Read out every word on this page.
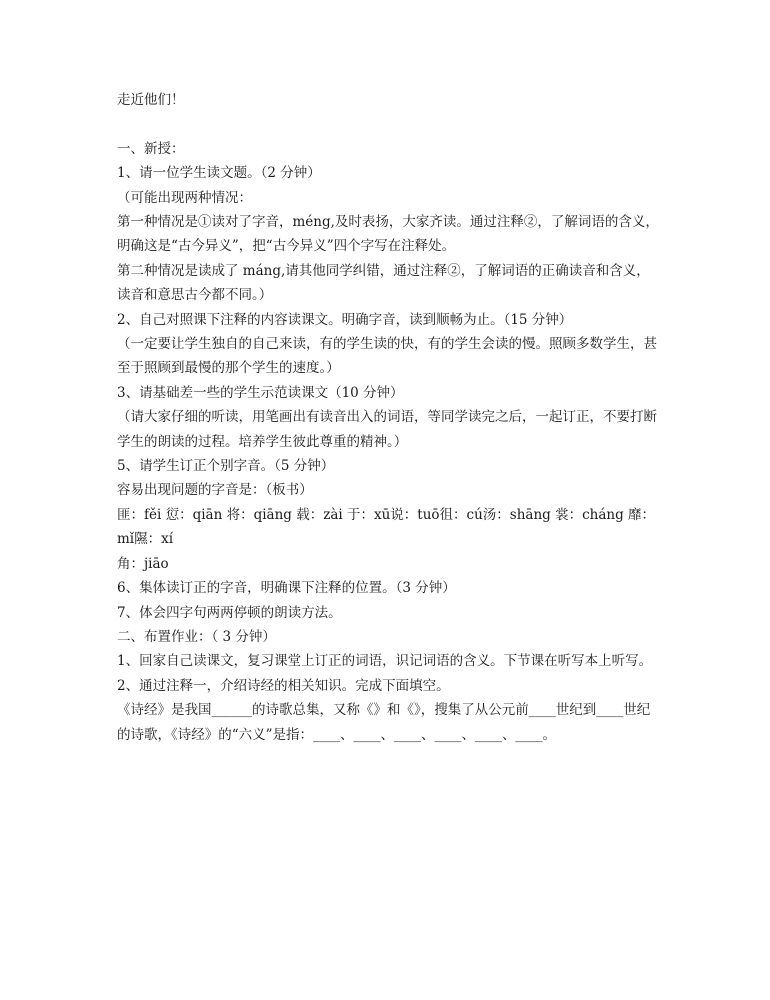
走近他们！

一、新授：

1、请一位学生读文题。（2 分钟）

（可能出现两种情况：

第一种情况是①读对了字音，méng,及时表扬，大家齐读。通过注释②，了解词语的含义，明确这是“古今异义”，把“古今异义”四个字写在注释处。

第二种情况是读成了 máng,请其他同学纠错，通过注释②，了解词语的正确读音和含义，读音和意思古今都不同。）

2、自己对照课下注释的内容读课文。明确字音，读到顺畅为止。（15 分钟）

（一定要让学生独自的自己来读，有的学生读的快，有的学生会读的慢。照顾多数学生，甚至于照顾到最慢的那个学生的速度。）

3、请基础差一些的学生示范读课文（10 分钟）

（请大家仔细的听读，用笔画出有读音出入的词语，等同学读完之后，一起订正，不要打断学生的朗读的过程。培养学生彼此尊重的精神。）

5、请学生订正个别字音。（5 分钟）

容易出现问题的字音是：（板书）

匪：fěi 愆：qiān 将：qiāng 载：zài 于：xū说：tuō徂：cú汤：shāng 裳：cháng 靡：mǐ隰：xí

角：jiāo

6、集体读订正的字音，明确课下注释的位置。（3 分钟）

7、体会四字句两两停顿的朗读方法。

二、布置作业：（ 3 分钟）

1、回家自己读课文，复习课堂上订正的词语，识记词语的含义。下节课在听写本上听写。

2、通过注释一，介绍诗经的相关知识。完成下面填空。

《诗经》是我国______的诗歌总集，又称《》和《》，搜集了从公元前____世纪到____世纪的诗歌，《诗经》的“六义”是指：____、____、____、____、____、____。
